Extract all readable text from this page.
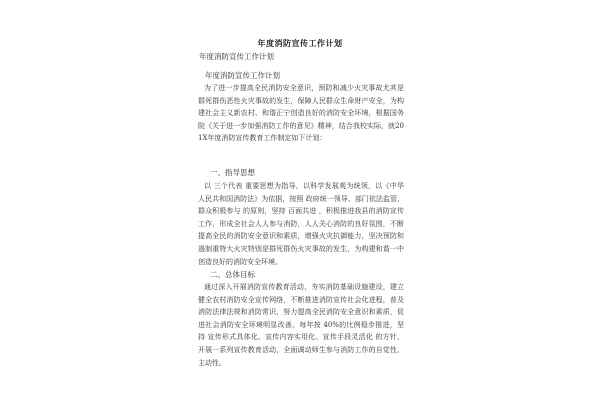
年度消防宣传工作计划

年度消防宣传工作计划

年度消防宣传工作计划

为了进一步提高全民消防安全意识，预防和减少火灾事故尤其是群死群伤恶性火灾事故的发生，保障人民群众生命财产安全，为构建社会主义新农村、和谐正宁创造良好的消防安全环境，根据国务院《关于进一步加强消防工作的意见》精神，结合我校实际，就201X年度消防宣传教育工作制定如下计划：

一、指导思想

以 三个代表 重要思想为指导，以科学发展观为统领，以《中华人民共和国消防法》为依据，按照 政府统一领导、部门依法监管，群众积极参与 的原则，坚持 百面共进 ，积极推进我县的消防宣传工作，形成全社会人人参与消防，人人关心消防的良好氛围，不断提高全民的消防安全意识和素质，增强火灾抗御能力，坚决预防和遏制重特大火灾特别是群死群伤火灾事故的发生，为构建和谐一中创造良好的消防安全环境。

二、总体目标

通过深入开展消防宣传教育活动，夯实消防基础设施建设，建立健全农村消防安全宣传网络，不断推进消防宣传社会化进程，普及消防法律法规和消防常识，努力提高全民消防安全意识和素质，促进社会消防安全环境明显改善。每年按 40%的比例稳步推进，坚持 宣传形式具体化、宣传内容实用化、宣传手段灵活化 的方针，开展一系列宣传教育活动，全面调动师生参与消防工作的自觉性、主动性。
